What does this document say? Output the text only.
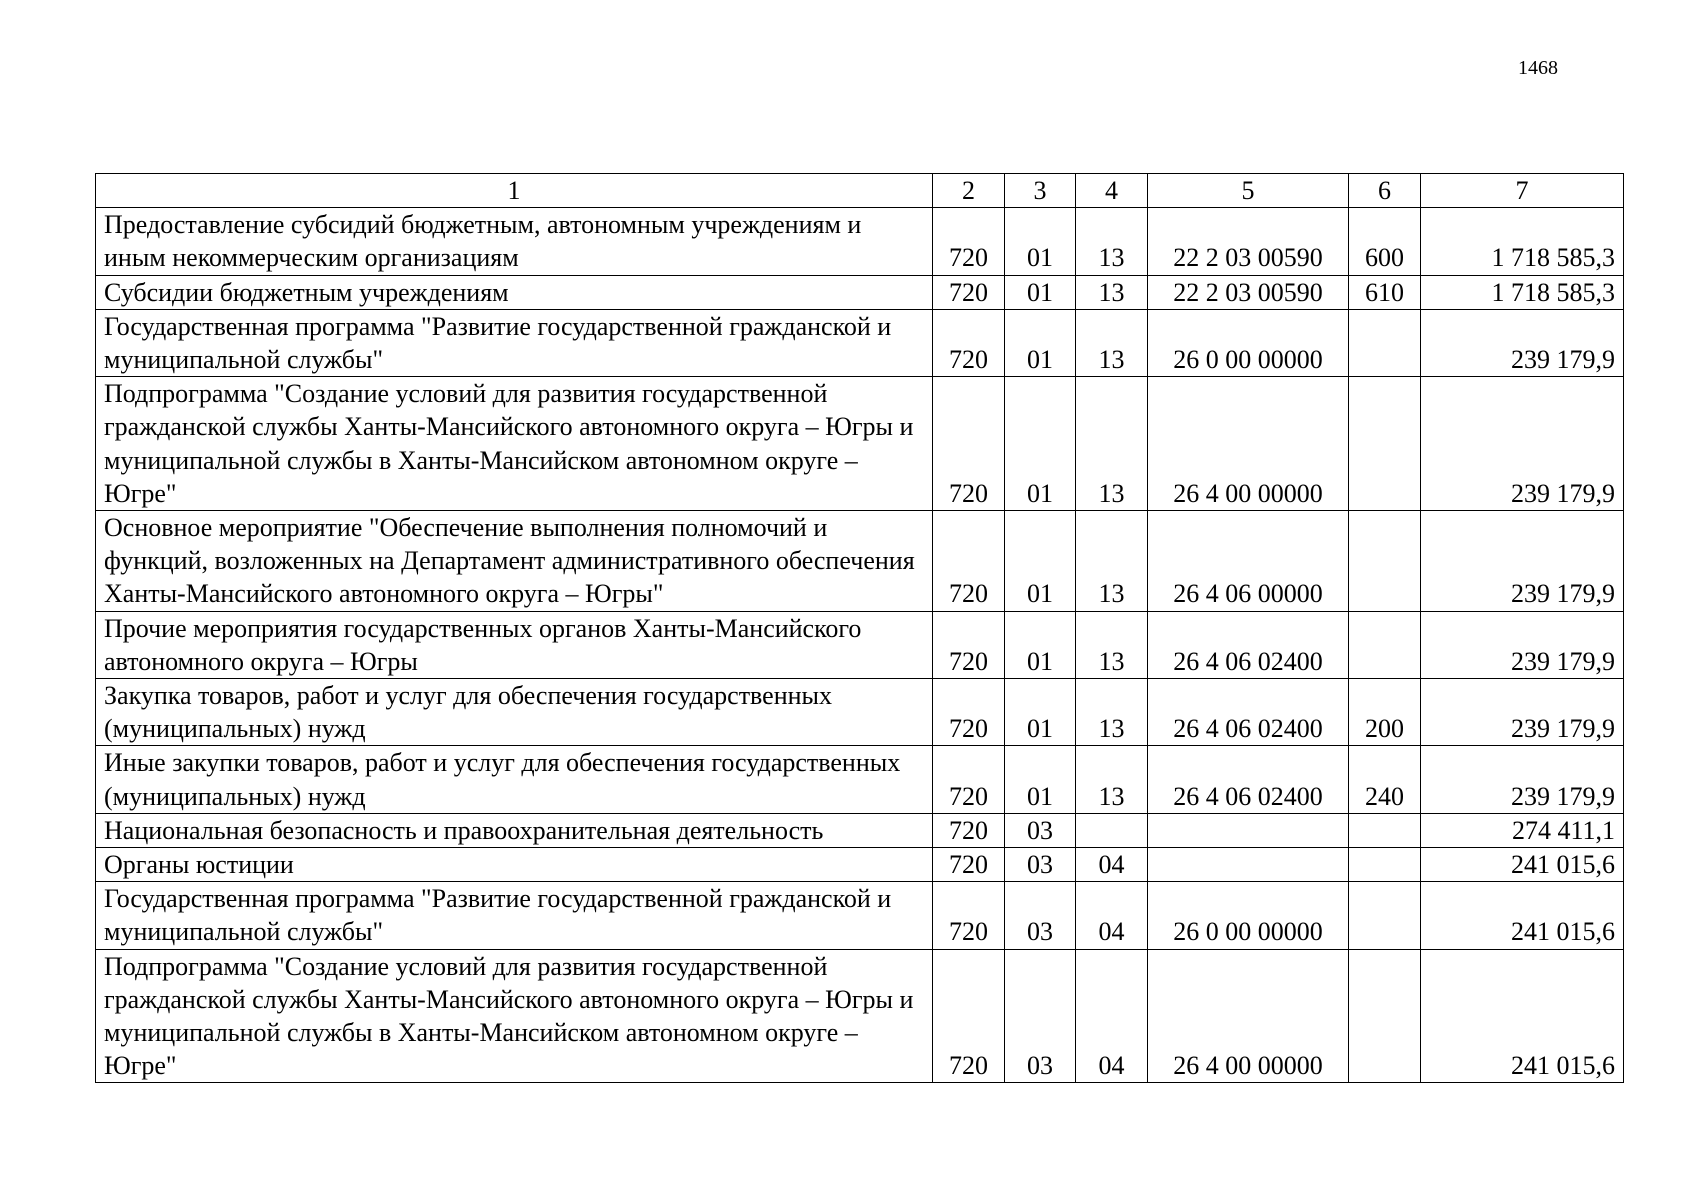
1468
1	2	3	4	5	6	7
Предоставление субсидий бюджетным, автономным учреждениям и иным некоммерческим организациям	720	01	13	22 2 03 00590	600	1 718 585,3
Субсидии бюджетным учреждениям	720	01	13	22 2 03 00590	610	1 718 585,3
Государственная программа "Развитие государственной гражданской и муниципальной службы"	720	01	13	26 0 00 00000		239 179,9
Подпрограмма "Создание условий для развития государственной гражданской службы Ханты-Мансийского автономного округа – Югры и муниципальной службы в Ханты-Мансийском автономном округе – Югре"	720	01	13	26 4 00 00000		239 179,9
Основное мероприятие "Обеспечение выполнения полномочий и функций, возложенных на Департамент административного обеспечения Ханты-Мансийского автономного округа – Югры"	720	01	13	26 4 06 00000		239 179,9
Прочие мероприятия государственных органов Ханты-Мансийского автономного округа – Югры	720	01	13	26 4 06 02400		239 179,9
Закупка товаров, работ и услуг для обеспечения государственных (муниципальных) нужд	720	01	13	26 4 06 02400	200	239 179,9
Иные закупки товаров, работ и услуг для обеспечения государственных (муниципальных) нужд	720	01	13	26 4 06 02400	240	239 179,9
Национальная безопасность и правоохранительная деятельность	720	03				274 411,1
Органы юстиции	720	03	04			241 015,6
Государственная программа "Развитие государственной гражданской и муниципальной службы"	720	03	04	26 0 00 00000		241 015,6
Подпрограмма "Создание условий для развития государственной гражданской службы Ханты-Мансийского автономного округа – Югры и муниципальной службы в Ханты-Мансийском автономном округе – Югре"	720	03	04	26 4 00 00000		241 015,6
